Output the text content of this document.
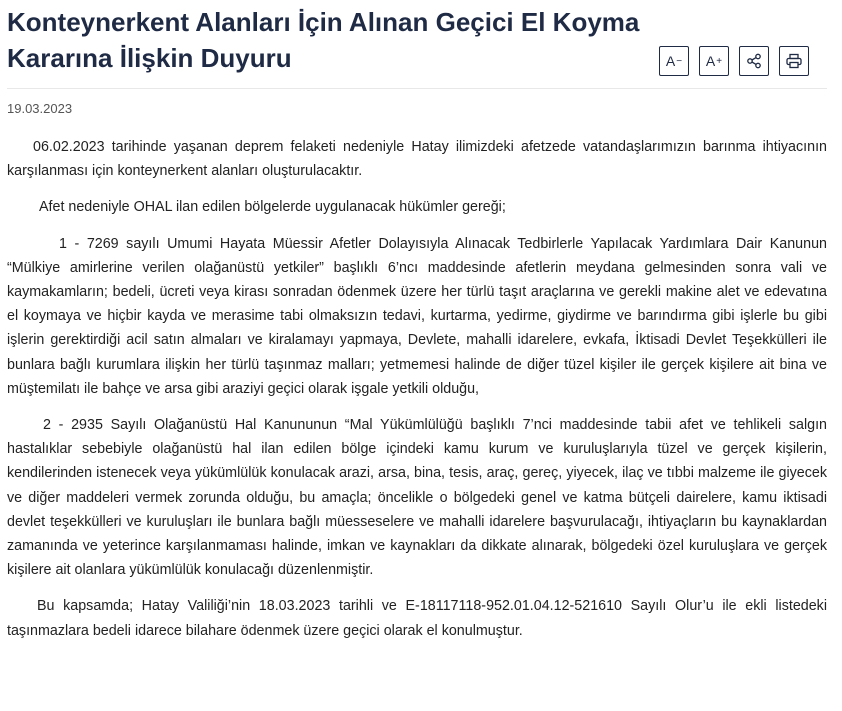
Konteynerkent Alanları İçin Alınan Geçici El Koyma Kararına İlişkin Duyuru	A − A +
19.03.2023

06.02.2023 tarihinde yaşanan deprem felaketi nedeniyle Hatay ilimizdeki afetzede vatandaşlarımızın barınma ihtiyacının karşılanması için konteynerkent alanları oluşturulacaktır.

Afet nedeniyle OHAL ilan edilen bölgelerde uygulanacak hükümler gereği;

1 - 7269 sayılı Umumi Hayata Müessir Afetler Dolayısıyla Alınacak Tedbirlerle Yapılacak Yardımlara Dair Kanunun “Mülkiye amirlerine verilen olağanüstü yetkiler” başlıklı 6’ncı maddesinde afetlerin meydana gelmesinden sonra vali ve kaymakamların; bedeli, ücreti veya kirası sonradan ödenmek üzere her türlü taşıt araçlarına ve gerekli makine alet ve edevatına el koymaya ve hiçbir kayda ve merasime tabi olmaksızın tedavi, kurtarma, yedirme, giydirme ve barındırma gibi işlerle bu gibi işlerin gerektirdiği acil satın almaları ve kiralamayı yapmaya, Devlete, mahalli idarelere, evkafa, İktisadi Devlet Teşekkülleri ile bunlara bağlı kurumlara ilişkin her türlü taşınmaz malları; yetmemesi halinde de diğer tüzel kişiler ile gerçek kişilere ait bina ve müştemilatı ile bahçe ve arsa gibi araziyi geçici olarak işgale yetkili olduğu,

2 - 2935 Sayılı Olağanüstü Hal Kanununun “Mal Yükümlülüğü başlıklı 7’nci maddesinde tabii afet ve tehlikeli salgın hastalıklar sebebiyle olağanüstü hal ilan edilen bölge içindeki kamu kurum ve kuruluşlarıyla tüzel ve gerçek kişilerin, kendilerinden istenecek veya yükümlülük konulacak arazi, arsa, bina, tesis, araç, gereç, yiyecek, ilaç ve tıbbi malzeme ile giyecek ve diğer maddeleri vermek zorunda olduğu, bu amaçla; öncelikle o bölgedeki genel ve katma bütçeli dairelere, kamu iktisadi devlet teşekkülleri ve kuruluşları ile bunlara bağlı müesseselere ve mahalli idarelere başvurulacağı, ihtiyaçların bu kaynaklardan zamanında ve yeterince karşılanmaması halinde, imkan ve kaynakları da dikkate alınarak, bölgedeki özel kuruluşlara ve gerçek kişilere ait olanlara yükümlülük konulacağı düzenlenmiştir.

Bu kapsamda; Hatay Valiliği’nin 18.03.2023 tarihli ve E-18117118-952.01.04.12-521610 Sayılı Olur’u ile ekli listedeki taşınmazlara bedeli idarece bilahare ödenmek üzere geçici olarak el konulmuştur.
